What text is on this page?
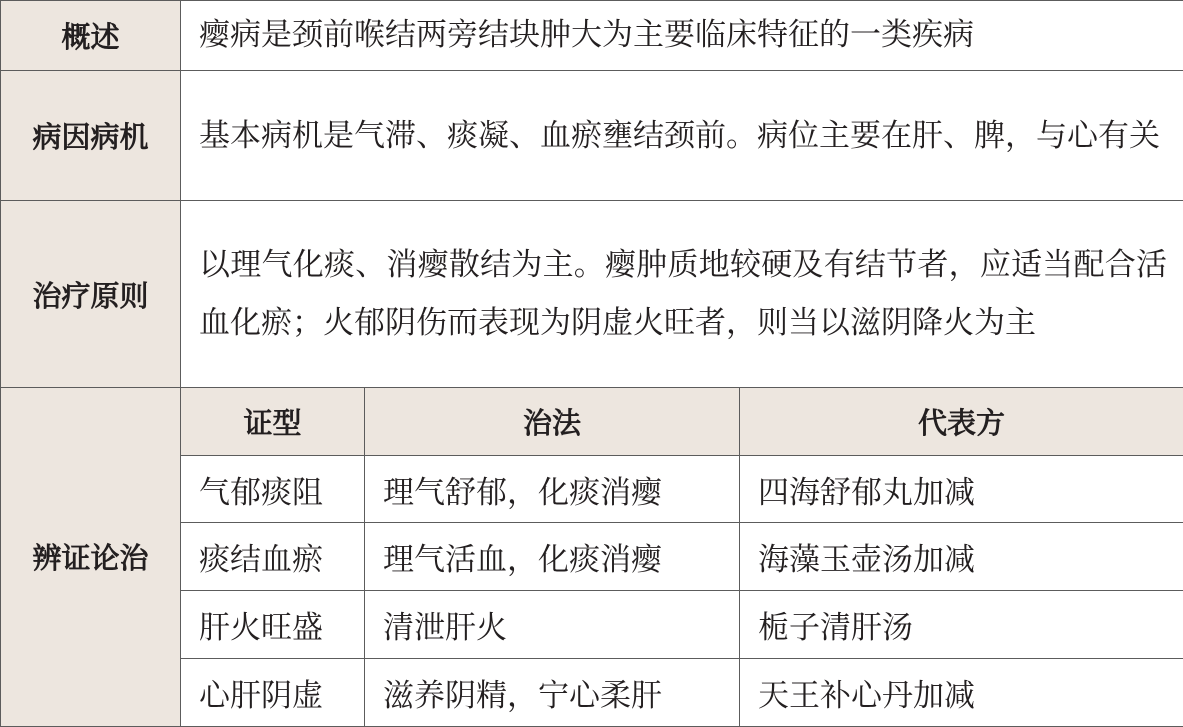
概述	瘿病是颈前喉结两旁结块肿大为主要临床特征的一类疾病		
病因病机	基本病机是气滞、痰凝、血瘀壅结颈前。病位主要在肝、脾，与心有关		
治疗原则	以理气化痰、消瘿散结为主。瘿肿质地较硬及有结节者，应适当配合活血化瘀；火郁阴伤而表现为阴虚火旺者，则当以滋阴降火为主		
辨证论治	证型	治法	代表方
	气郁痰阻	理气舒郁，化痰消瘿	四海舒郁丸加减
	痰结血瘀	理气活血，化痰消瘿	海藻玉壶汤加减
	肝火旺盛	清泄肝火	栀子清肝汤
	心肝阴虚	滋养阴精，宁心柔肝	天王补心丹加减
